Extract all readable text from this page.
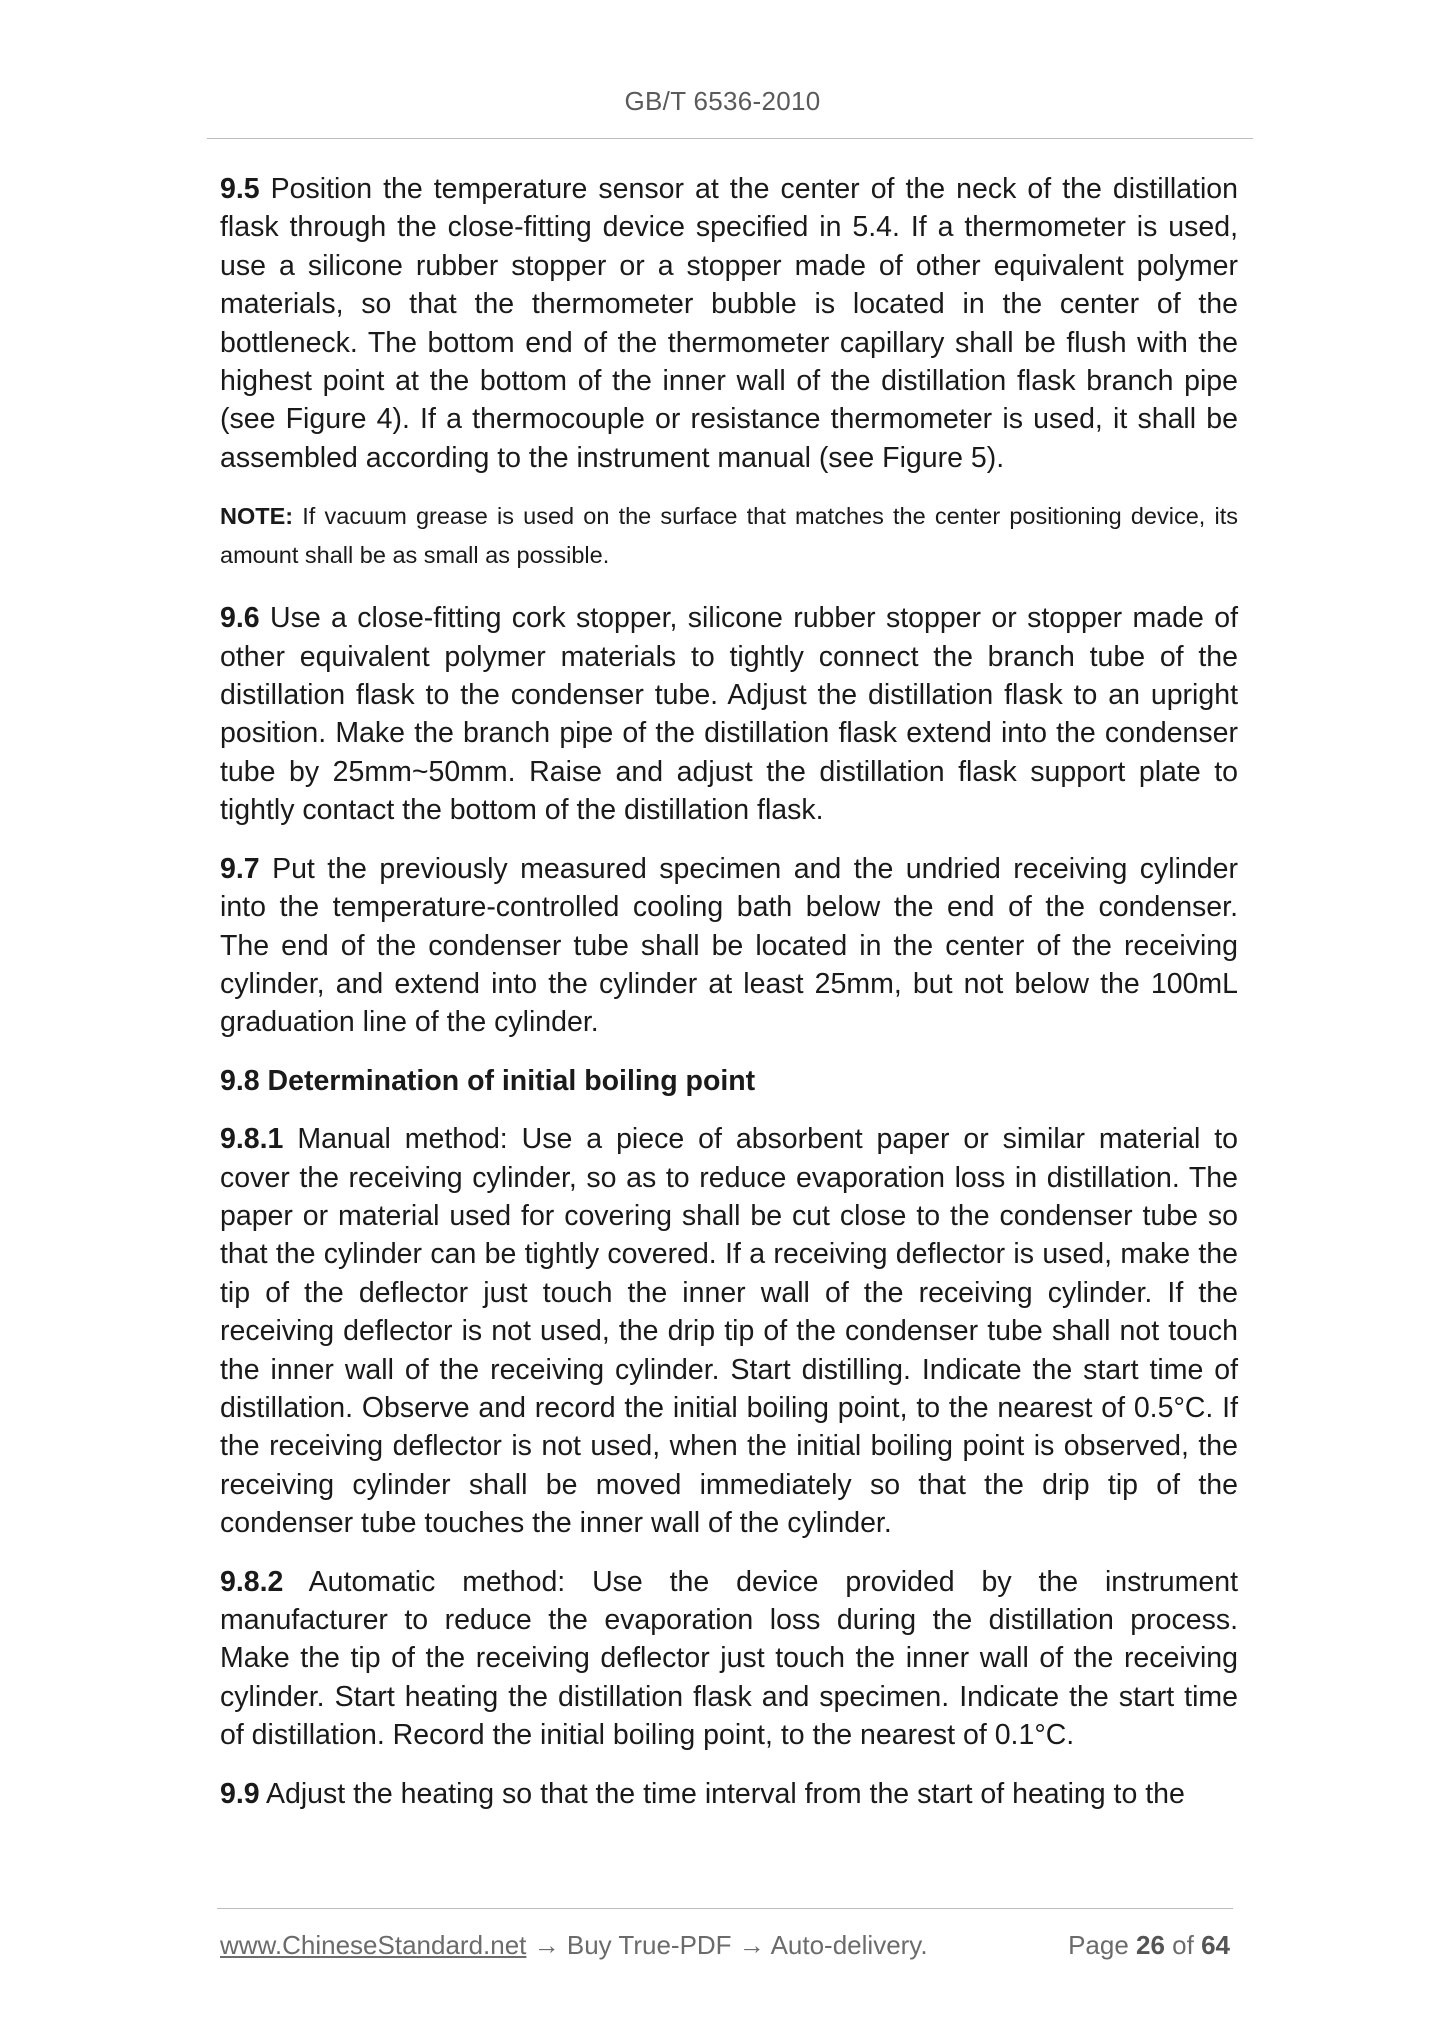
GB/T 6536-2010

9.5 Position the temperature sensor at the center of the neck of the distillation flask through the close-fitting device specified in 5.4. If a thermometer is used, use a silicone rubber stopper or a stopper made of other equivalent polymer materials, so that the thermometer bubble is located in the center of the bottleneck. The bottom end of the thermometer capillary shall be flush with the highest point at the bottom of the inner wall of the distillation flask branch pipe (see Figure 4). If a thermocouple or resistance thermometer is used, it shall be assembled according to the instrument manual (see Figure 5).

NOTE: If vacuum grease is used on the surface that matches the center positioning device, its amount shall be as small as possible.

9.6 Use a close-fitting cork stopper, silicone rubber stopper or stopper made of other equivalent polymer materials to tightly connect the branch tube of the distillation flask to the condenser tube. Adjust the distillation flask to an upright position. Make the branch pipe of the distillation flask extend into the condenser tube by 25mm~50mm. Raise and adjust the distillation flask support plate to tightly contact the bottom of the distillation flask.

9.7 Put the previously measured specimen and the undried receiving cylinder into the temperature-controlled cooling bath below the end of the condenser. The end of the condenser tube shall be located in the center of the receiving cylinder, and extend into the cylinder at least 25mm, but not below the 100mL graduation line of the cylinder.

9.8 Determination of initial boiling point

9.8.1 Manual method: Use a piece of absorbent paper or similar material to cover the receiving cylinder, so as to reduce evaporation loss in distillation. The paper or material used for covering shall be cut close to the condenser tube so that the cylinder can be tightly covered. If a receiving deflector is used, make the tip of the deflector just touch the inner wall of the receiving cylinder. If the receiving deflector is not used, the drip tip of the condenser tube shall not touch the inner wall of the receiving cylinder. Start distilling. Indicate the start time of distillation. Observe and record the initial boiling point, to the nearest of 0.5°C. If the receiving deflector is not used, when the initial boiling point is observed, the receiving cylinder shall be moved immediately so that the drip tip of the condenser tube touches the inner wall of the cylinder.

9.8.2 Automatic method: Use the device provided by the instrument manufacturer to reduce the evaporation loss during the distillation process. Make the tip of the receiving deflector just touch the inner wall of the receiving cylinder. Start heating the distillation flask and specimen. Indicate the start time of distillation. Record the initial boiling point, to the nearest of 0.1°C.

9.9 Adjust the heating so that the time interval from the start of heating to the

www.ChineseStandard.net → Buy True-PDF → Auto-delivery.	Page 26 of 64
